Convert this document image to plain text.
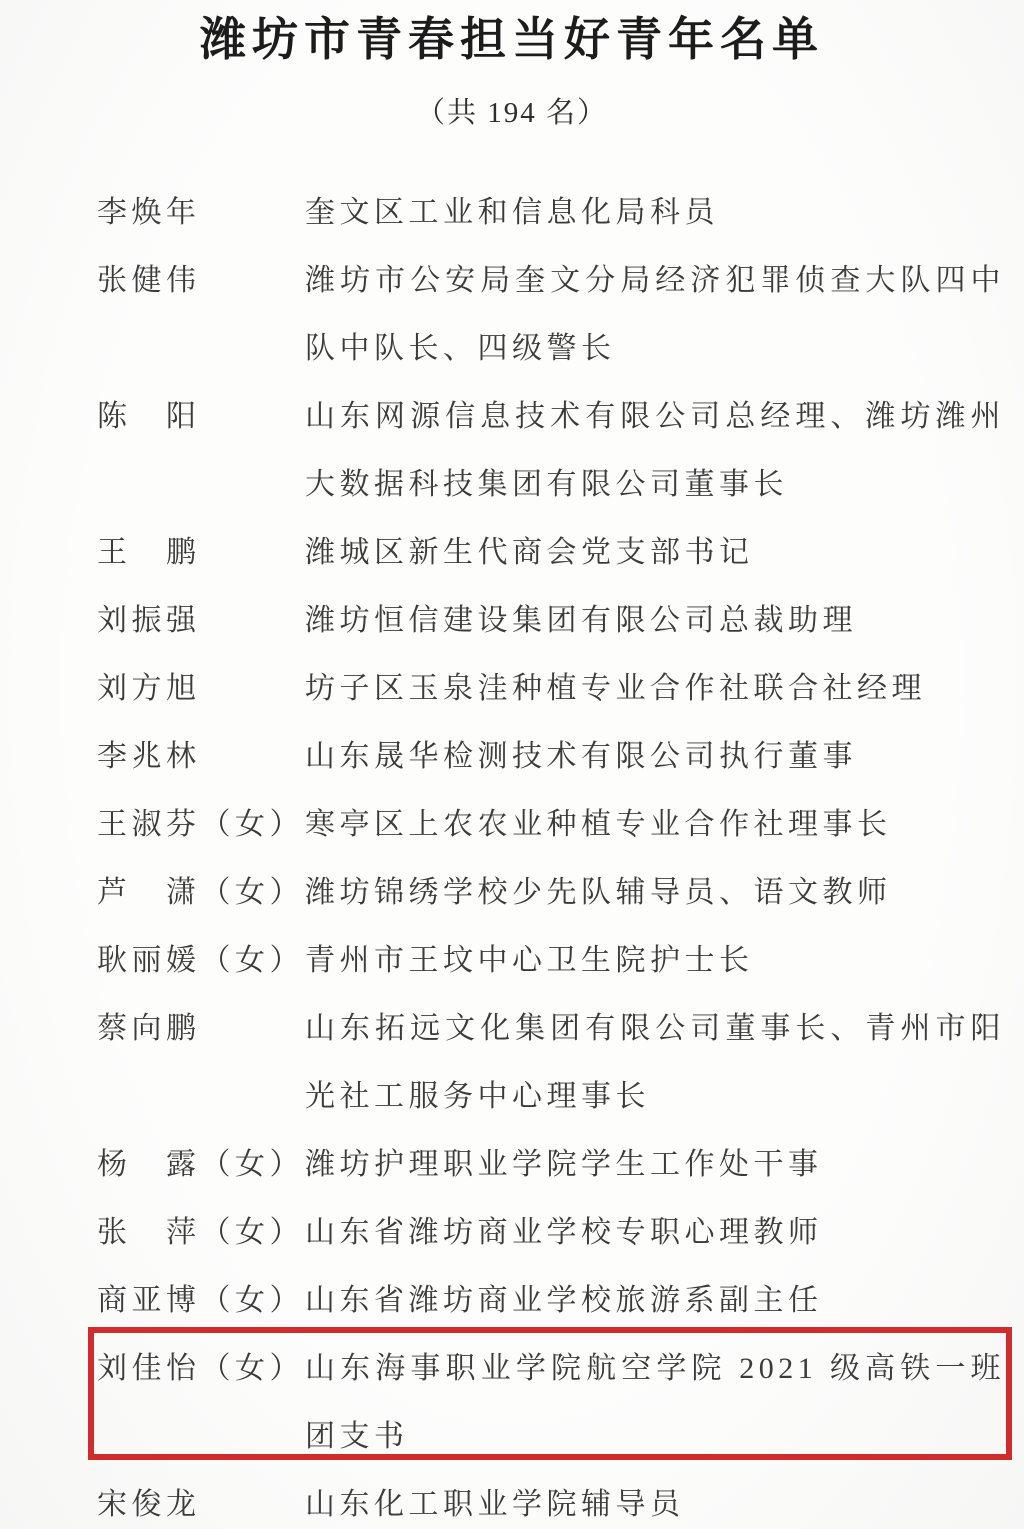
潍坊市青春担当好青年名单
（共 194 名）
李焕年	奎文区工业和信息化局科员
张健伟	潍坊市公安局奎文分局经济犯罪侦查大队四中队中队长、四级警长
陈　阳	山东网源信息技术有限公司总经理、潍坊潍州大数据科技集团有限公司董事长
王　鹏	潍城区新生代商会党支部书记
刘振强	潍坊恒信建设集团有限公司总裁助理
刘方旭	坊子区玉泉洼种植专业合作社联合社经理
李兆林	山东晟华检测技术有限公司执行董事
王淑芬（女） 寒亭区上农农业种植专业合作社理事长
芦　潇（女） 潍坊锦绣学校少先队辅导员、语文教师
耿丽媛（女） 青州市王坟中心卫生院护士长
蔡向鹏	山东拓远文化集团有限公司董事长、青州市阳光社工服务中心理事长
杨　露（女） 潍坊护理职业学院学生工作处干事
张　萍（女） 山东省潍坊商业学校专职心理教师
商亚博（女） 山东省潍坊商业学校旅游系副主任
刘佳怡（女） 山东海事职业学院航空学院 2021 级高铁一班团支书
宋俊龙	山东化工职业学院辅导员
